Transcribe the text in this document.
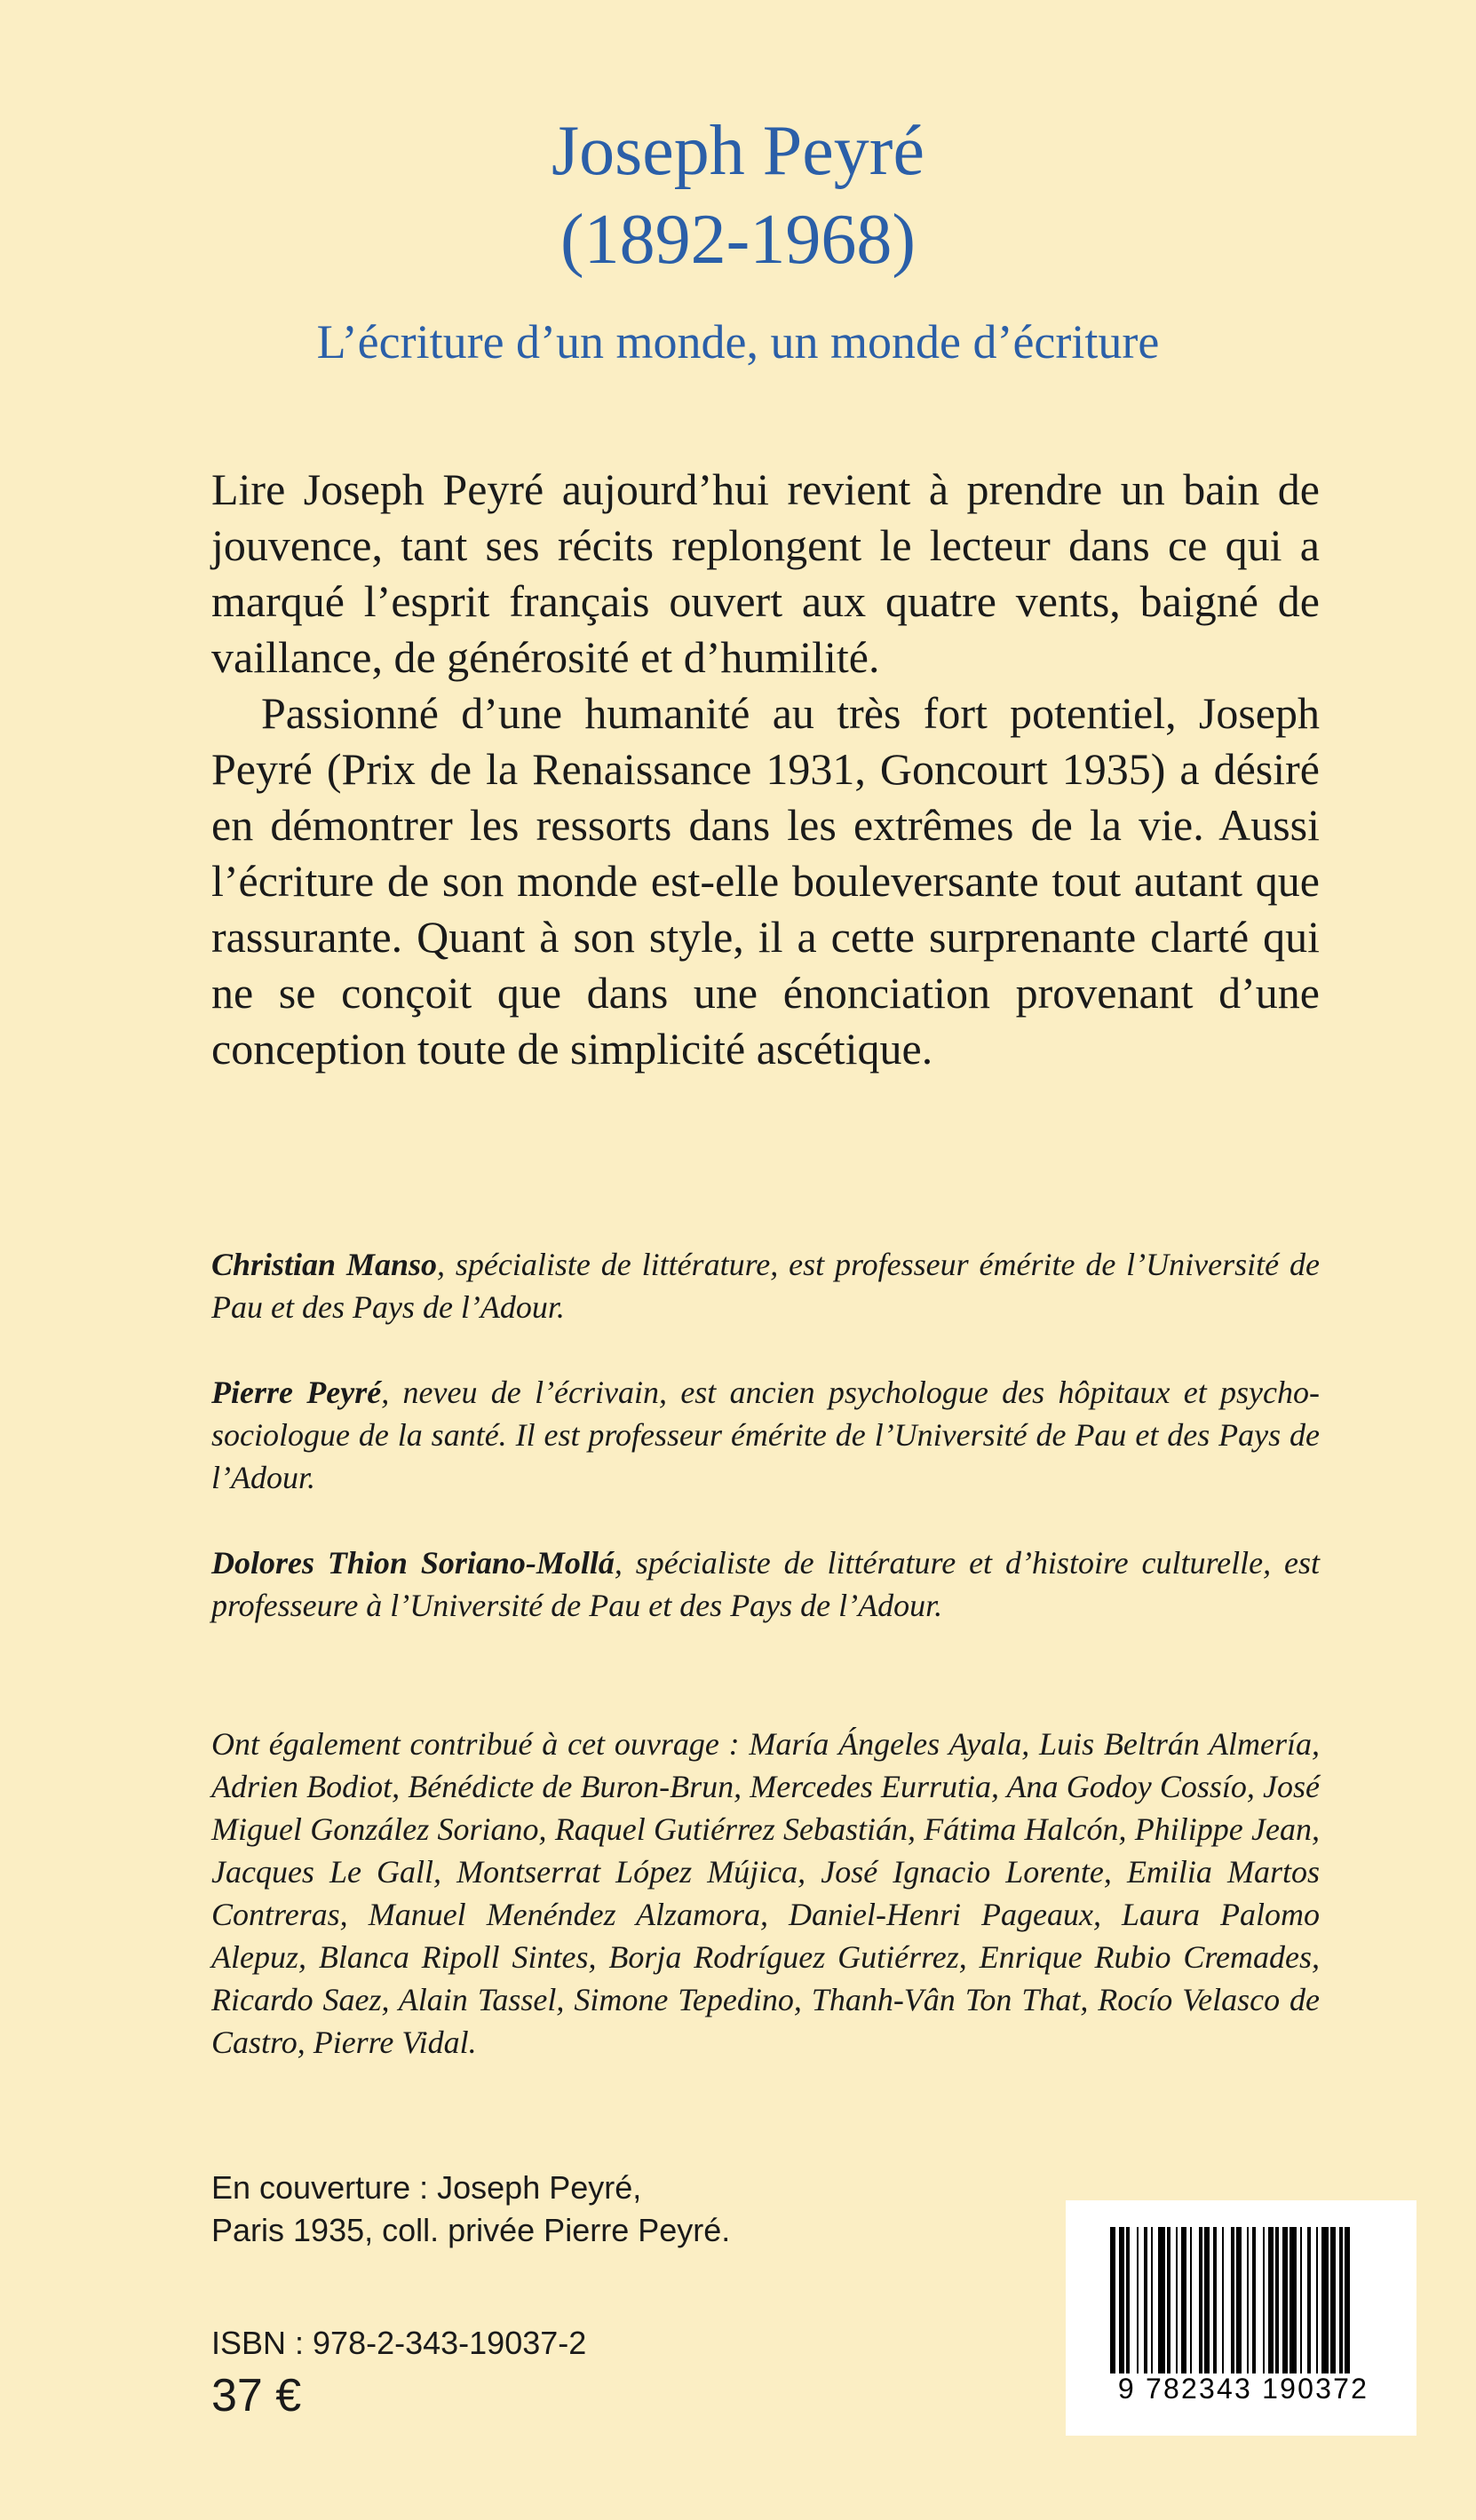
Joseph Peyré
(1892-1968)
L’écriture d’un monde, un monde d’écriture

Lire Joseph Peyré aujourd’hui revient à prendre un bain de jouvence, tant ses récits replongent le lecteur dans ce qui a marqué l’esprit français ouvert aux quatre vents, baigné de vaillance, de générosité et d’humilité.

Passionné d’une humanité au très fort potentiel, Joseph Peyré (Prix de la Renaissance 1931, Goncourt 1935) a désiré en démontrer les ressorts dans les extrêmes de la vie. Aussi l’écriture de son monde est-elle bouleversante tout autant que rassurante. Quant à son style, il a cette surprenante clarté qui ne se conçoit que dans une énonciation provenant d’une conception toute de simplicité ascétique.

Christian Manso, spécialiste de littérature, est professeur émérite de l’Université de Pau et des Pays de l’Adour.

Pierre Peyré, neveu de l’écrivain, est ancien psychologue des hôpitaux et psycho-sociologue de la santé. Il est professeur émérite de l’Université de Pau et des Pays de l’Adour.

Dolores Thion Soriano-Mollá, spécialiste de littérature et d’histoire culturelle, est professeure à l’Université de Pau et des Pays de l’Adour.

Ont également contribué à cet ouvrage : María Ángeles Ayala, Luis Beltrán Almería, Adrien Bodiot, Bénédicte de Buron-Brun, Mercedes Eurrutia, Ana Godoy Cossío, José Miguel González Soriano, Raquel Gutiérrez Sebastián, Fátima Halcón, Philippe Jean, Jacques Le Gall, Montserrat López Mújica, José Ignacio Lorente, Emilia Martos Contreras, Manuel Menéndez Alzamora, Daniel-Henri Pageaux, Laura Palomo Alepuz, Blanca Ripoll Sintes, Borja Rodríguez Gutiérrez, Enrique Rubio Cremades, Ricardo Saez, Alain Tassel, Simone Tepedino, Thanh-Vân Ton That, Rocío Velasco de Castro, Pierre Vidal.
En couverture : Joseph Peyré,
Paris 1935, coll. privée Pierre Peyré.
ISBN : 978-2-343-19037-2
37 €	9 782343 190372
